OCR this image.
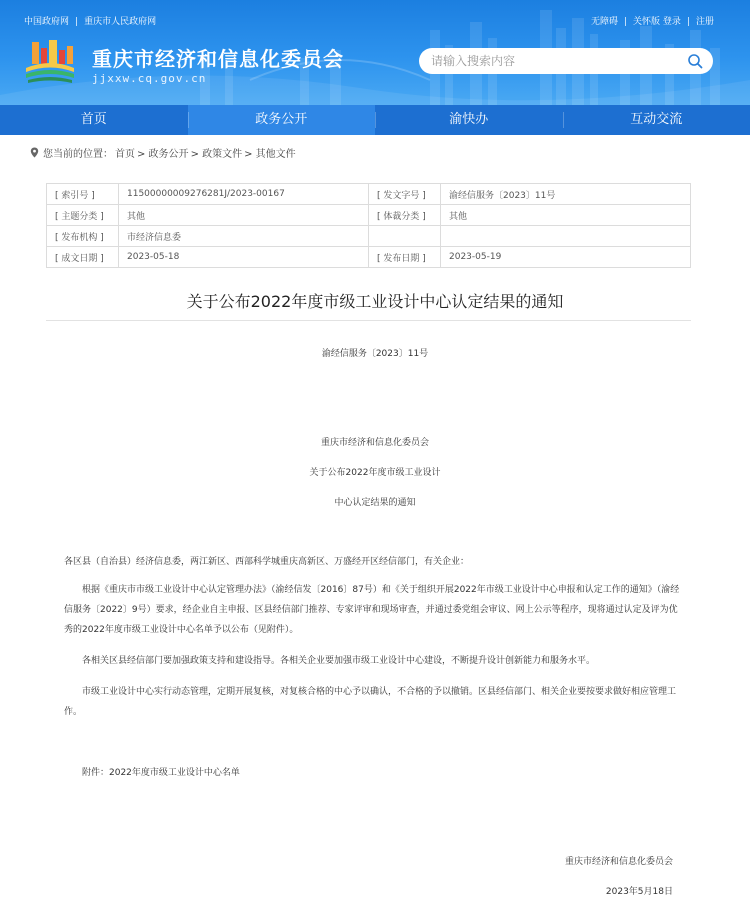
中国政府网 | 重庆市人民政府网	无障碍 | 关怀版 登录 | 注册
重庆市经济和信息化委员会
jjxxw.cq.gov.cn
请输入搜索内容
首页	政务公开	渝快办	互动交流
您当前的位置： 首页 > 政务公开 > 政策文件 > 其他文件
[ 索引号 ]	11500000009276281J/2023-00167	[ 发文字号 ]	渝经信服务〔2023〕11号
[ 主题分类 ]	其他	[ 体裁分类 ]	其他
[ 发布机构 ]	市经济信息委		
[ 成文日期 ]	2023-05-18	[ 发布日期 ]	2023-05-19
关于公布2022年度市级工业设计中心认定结果的通知
渝经信服务〔2023〕11号
重庆市经济和信息化委员会
关于公布2022年度市级工业设计
中心认定结果的通知
各区县（自治县）经济信息委，两江新区、西部科学城重庆高新区、万盛经开区经信部门，有关企业：
根据《重庆市市级工业设计中心认定管理办法》（渝经信发〔2016〕87号）和《关于组织开展2022年市级工业设计中心申报和认定工作的通知》（渝经信服务〔2022〕9号）要求，经企业自主申报、区县经信部门推荐、专家评审和现场审查，并通过委党组会审议、网上公示等程序，现将通过认定及评为优秀的2022年度市级工业设计中心名单予以公布（见附件）。
各相关区县经信部门要加强政策支持和建设指导。各相关企业要加强市级工业设计中心建设，不断提升设计创新能力和服务水平。
市级工业设计中心实行动态管理，定期开展复核，对复核合格的中心予以确认，不合格的予以撤销。区县经信部门、相关企业要按要求做好相应管理工作。
附件：2022年度市级工业设计中心名单
重庆市经济和信息化委员会
2023年5月18日
